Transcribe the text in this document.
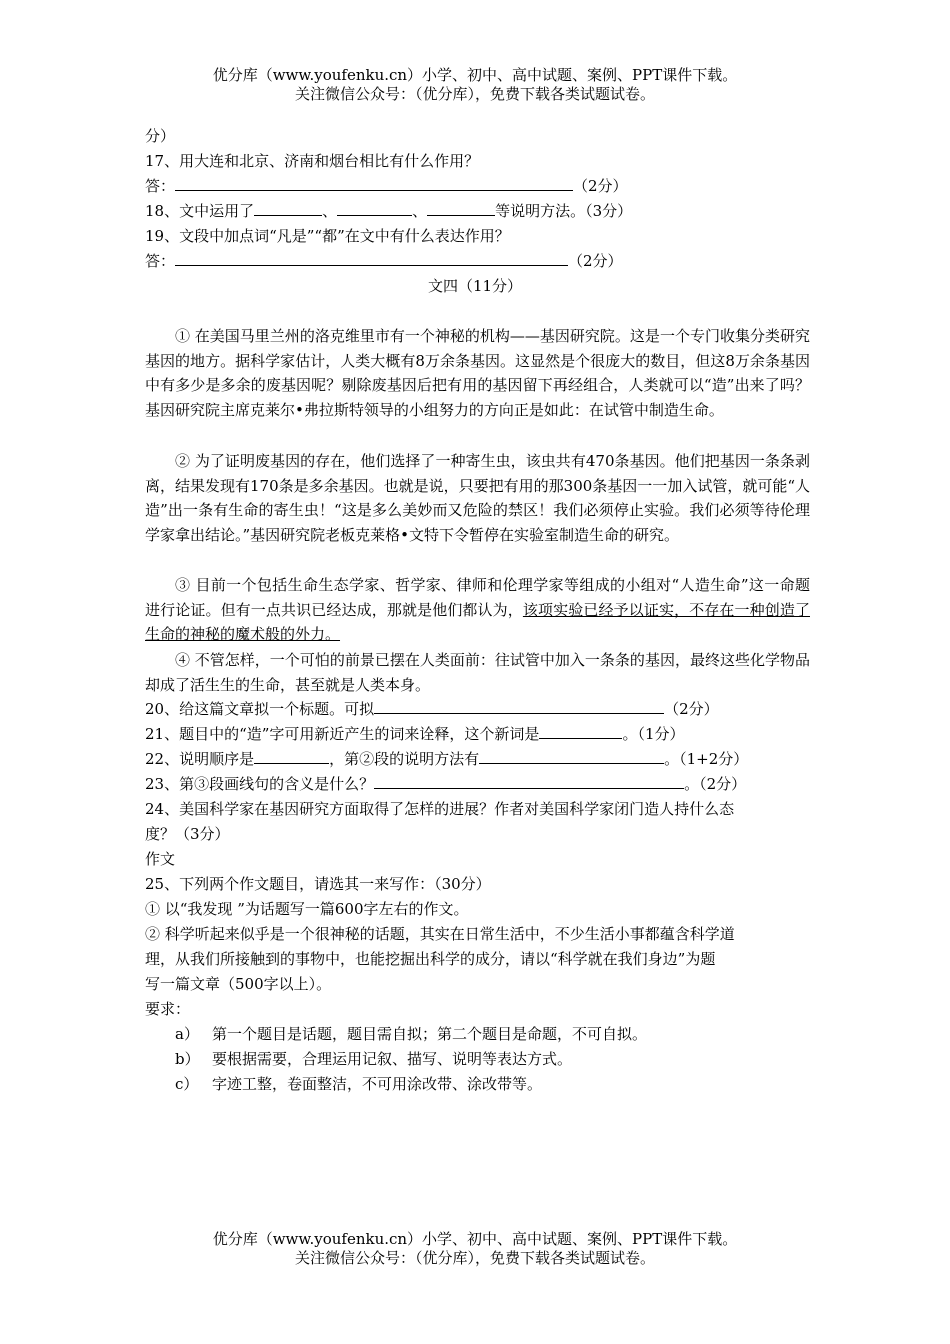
优分库（www.youfenku.cn）小学、初中、高中试题、案例、PPT课件下载。
关注微信公众号：（优分库），免费下载各类试题试卷。
分）
17、用大连和北京、济南和烟台相比有什么作用？
答：	（2分）
18、文中运用了	、	、	等说明方法。（3分）
19、文段中加点词“凡是”“都”在文中有什么表达作用？
答：	（2分）
文四（11分）
① 在美国马里兰州的洛克维里市有一个神秘的机构——基因研究院。这是一个专门收集分类研究基因的地方。据科学家估计，人类大概有8万余条基因。这显然是个很庞大的数目，但这8万余条基因中有多少是多余的废基因呢？剔除废基因后把有用的基因留下再经组合，人类就可以“造”出来了吗？基因研究院主席克莱尔•弗拉斯特领导的小组努力的方向正是如此：在试管中制造生命。
② 为了证明废基因的存在，他们选择了一种寄生虫，该虫共有470条基因。他们把基因一条条剥离，结果发现有170条是多余基因。也就是说，只要把有用的那300条基因一一加入试管，就可能“人造”出一条有生命的寄生虫！“这是多么美妙而又危险的禁区！我们必须停止实验。我们必须等待伦理学家拿出结论。”基因研究院老板克莱格•文特下令暂停在实验室制造生命的研究。
③ 目前一个包括生命生态学家、哲学家、律师和伦理学家等组成的小组对“人造生命”这一命题进行论证。但有一点共识已经达成，那就是他们都认为，该项实验已经予以证实，不存在一种创造了生命的神秘的魔术般的外力。
④ 不管怎样，一个可怕的前景已摆在人类面前：往试管中加入一条条的基因，最终这些化学物品却成了活生生的生命，甚至就是人类本身。
20、给这篇文章拟一个标题。可拟	（2分）
21、题目中的“造”字可用新近产生的词来诠释，这个新词是	。（1分）
22、说明顺序是	，第②段的说明方法有	。（1+2分）
23、第③段画线句的含义是什么？	。（2分）
24、美国科学家在基因研究方面取得了怎样的进展？作者对美国科学家闭门造人持什么态
度？（3分）
作文
25、下列两个作文题目，请选其一来写作：（30分）
① 以“我发现 ”为话题写一篇600字左右的作文。
② 科学听起来似乎是一个很神秘的话题，其实在日常生活中，不少生活小事都蕴含科学道
理，从我们所接触到的事物中，也能挖掘出科学的成分，请以“科学就在我们身边”为题
写一篇文章（500字以上）。
要求：
a） 第一个题目是话题，题目需自拟；第二个题目是命题，不可自拟。
b） 要根据需要，合理运用记叙、描写、说明等表达方式。
c） 字迹工整，卷面整洁，不可用涂改带、涂改带等。
优分库（www.youfenku.cn）小学、初中、高中试题、案例、PPT课件下载。
关注微信公众号：（优分库），免费下载各类试题试卷。
